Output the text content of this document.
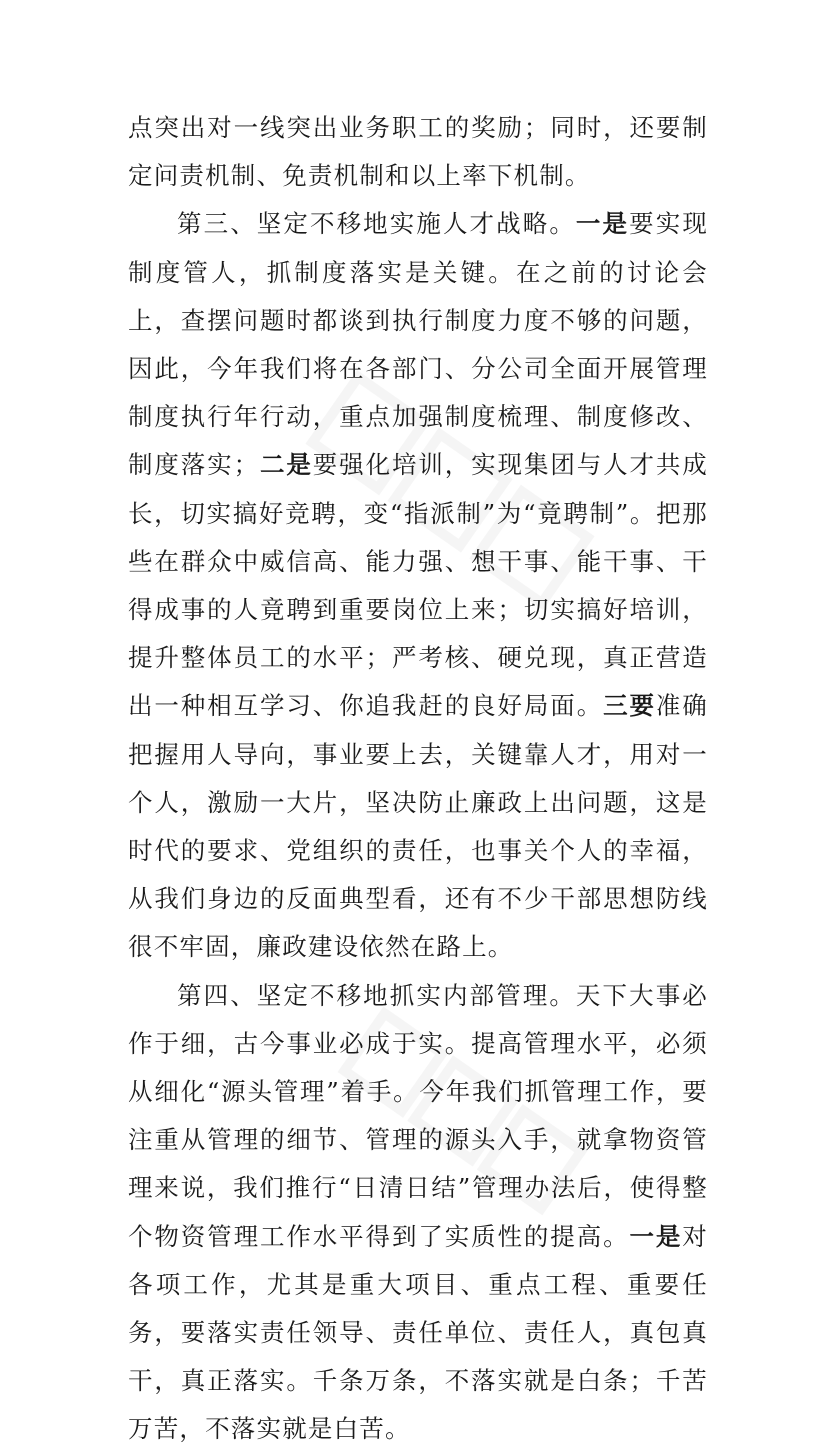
点突出对一线突出业务职工的奖励；同时，还要制定问责机制、免责机制和以上率下机制。

第三、坚定不移地实施人才战略。一是要实现制度管人，抓制度落实是关键。在之前的讨论会上，查摆问题时都谈到执行制度力度不够的问题，因此，今年我们将在各部门、分公司全面开展管理制度执行年行动，重点加强制度梳理、制度修改、制度落实；二是要强化培训，实现集团与人才共成长，切实搞好竞聘，变“指派制”为“竟聘制”。把那些在群众中威信高、能力强、想干事、能干事、干得成事的人竟聘到重要岗位上来；切实搞好培训，提升整体员工的水平；严考核、硬兑现，真正营造出一种相互学习、你追我赶的良好局面。三要准确把握用人导向，事业要上去，关键靠人才，用对一个人，激励一大片，坚决防止廉政上出问题，这是时代的要求、党组织的责任，也事关个人的幸福，从我们身边的反面典型看，还有不少干部思想防线很不牢固，廉政建设依然在路上。

第四、坚定不移地抓实内部管理。天下大事必作于细，古今事业必成于实。提高管理水平，必须从细化“源头管理”着手。今年我们抓管理工作，要注重从管理的细节、管理的源头入手，就拿物资管理来说，我们推行“日清日结”管理办法后，使得整个物资管理工作水平得到了实质性的提高。一是对各项工作，尤其是重大项目、重点工程、重要任务，要落实责任领导、责任单位、责任人，真包真干，真正落实。千条万条，不落实就是白条；千苦万苦，不落实就是白苦。
